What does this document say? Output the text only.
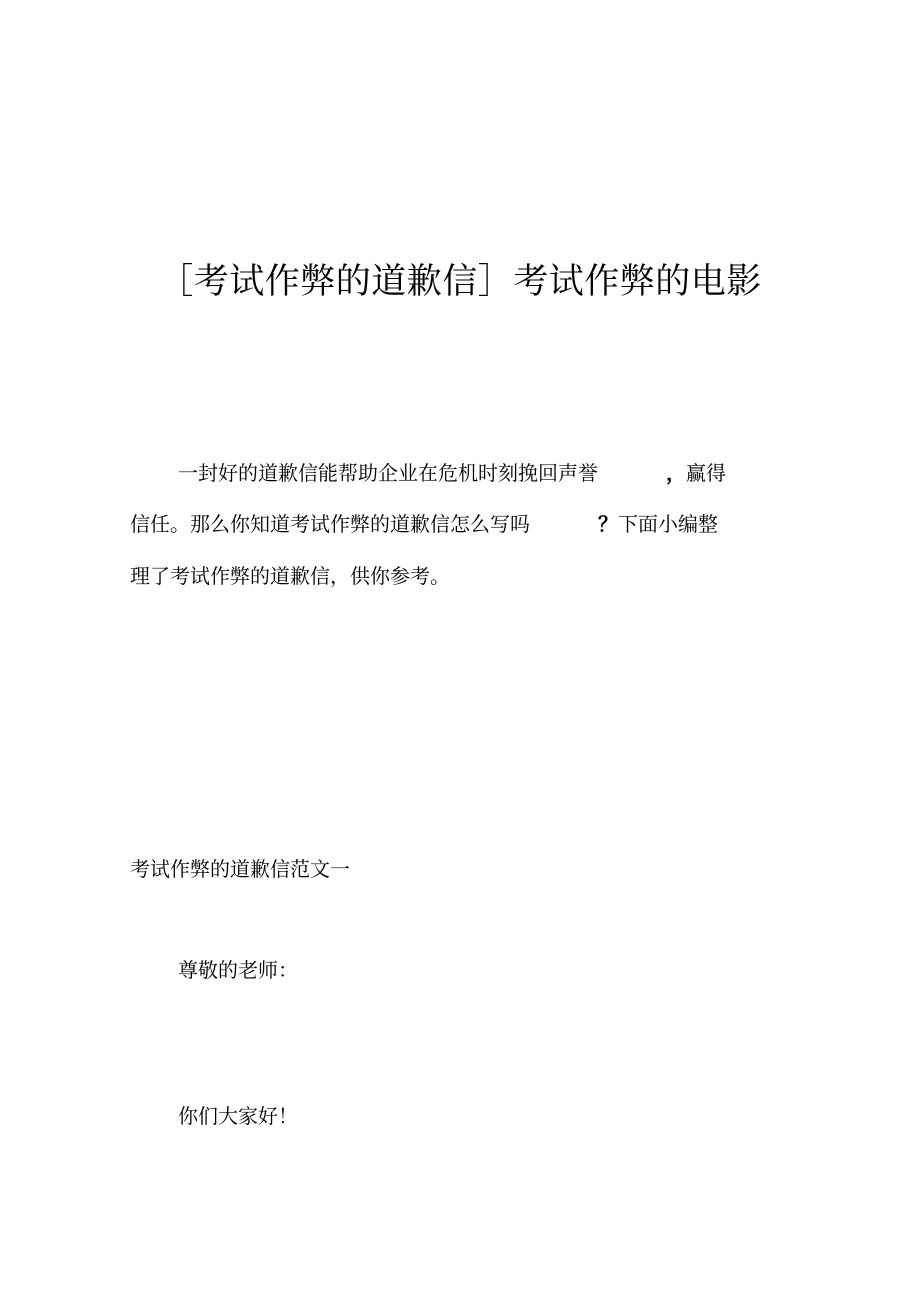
［考试作弊的道歉信］考试作弊的电影
一封好的道歉信能帮助企业在危机时刻挽回声誉	，赢得
信任。那么你知道考试作弊的道歉信怎么写吗	？下面小编整
理了考试作弊的道歉信，供你参考。
考试作弊的道歉信范文一
尊敬的老师：
你们大家好！
